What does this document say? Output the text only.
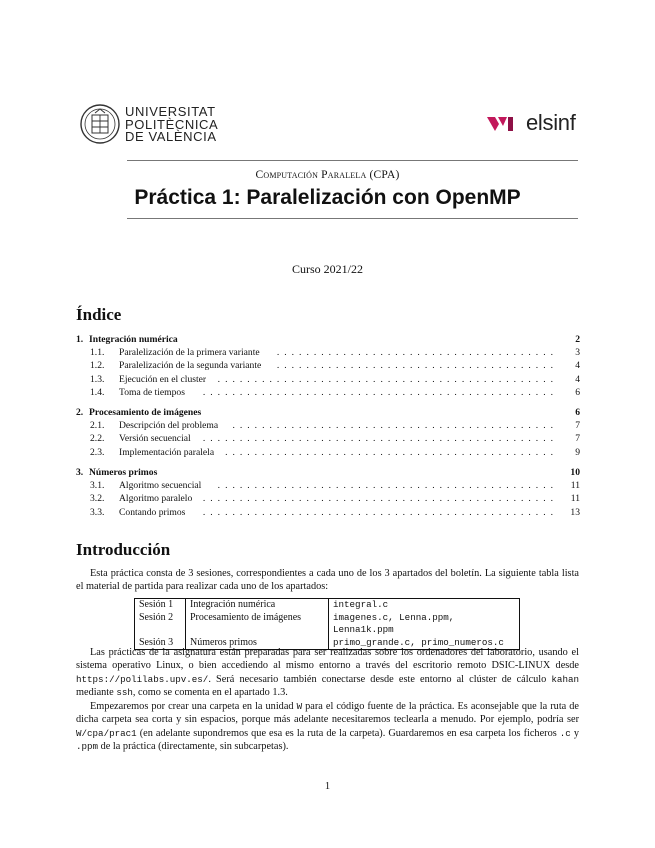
UNIVERSITAT
POLITÈCNICA
DE VALÈNCIA
elsinf
Computación Paralela (CPA)
Práctica 1: Paralelización con OpenMP
Curso 2021/22
Índice
1. Integración numérica	2
1.1. Paralelización de la primera variante	...................................... 3
1.2. Paralelización de la segunda variante	...................................... 4
1.3. Ejecución en el cluster	.............................................. 4
1.4. Toma de tiempos	................................................ 6
2. Procesamiento de imágenes	6
2.1. Descripción del problema	............................................ 7
2.2. Versión secuencial	................................................ 7
2.3. Implementación paralela	............................................. 9
3. Números primos	10
3.1. Algoritmo secuencial	.............................................. 11
3.2. Algoritmo paralelo	................................................ 11
3.3. Contando primos	................................................ 13
Introducción

Esta práctica consta de 3 sesiones, correspondientes a cada uno de los 3 apartados del boletín. La siguiente tabla lista el material de partida para realizar cada uno de los apartados:

Sesión 1	Integración numérica	integral.c
Sesión 2	Procesamiento de imágenes	imagenes.c, Lenna.ppm, Lenna1k.ppm
Sesión 3	Números primos	primo_grande.c, primo_numeros.c

Las prácticas de la asignatura están preparadas para ser realizadas sobre los ordenadores del laboratorio, usando el sistema operativo Linux, o bien accediendo al mismo entorno a través del escritorio remoto DSIC-LINUX desde https://polilabs.upv.es/. Será necesario también conectarse desde este entorno al clúster de cálculo kahan mediante ssh, como se comenta en el apartado 1.3.

Empezaremos por crear una carpeta en la unidad W para el código fuente de la práctica. Es aconsejable que la ruta de dicha carpeta sea corta y sin espacios, porque más adelante necesitaremos teclearla a menudo. Por ejemplo, podría ser W/cpa/prac1 (en adelante supondremos que esa es la ruta de la carpeta). Guardaremos en esa carpeta los ficheros .c y .ppm de la práctica (directamente, sin subcarpetas).

1
